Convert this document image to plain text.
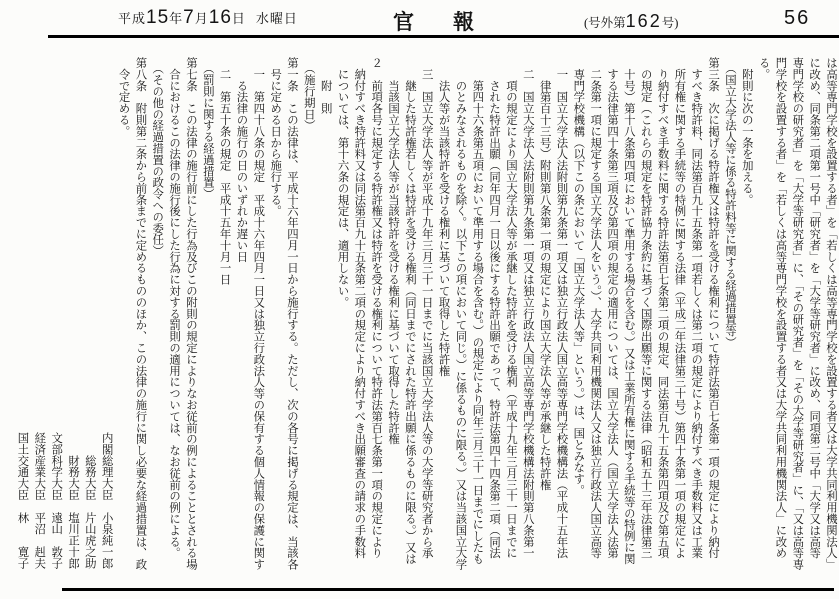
平成15年7月16日 水曜日	官　報	(号外第162号)	56
は高等専門学校を設置する者」を「若しくは高等専門学校を設置する者又は大学共同利用機関法人」
に改め、同条第二項第一号中「研究者」を「大学等研究者」に改め、同項第二号中「大学又は高等
専門学校の研究者」を「大学等研究者」に、「その研究者」を「その大学等研究者」に、「又は高等専
門学校を設置する者」を「若しくは高等専門学校を設置する者又は大学共同利用機関法人」に改め
る。
　附則に次の一条を加える。
　（国立大学法人等に係る特許料等に関する経過措置等）
第三条　次に掲げる特許権又は特許を受ける権利について特許法第百七条第一項の規定により納付
　すべき特許料、同法第百九十五条第一項若しくは第二項の規定により納付すべき手数料又は工業
　所有権に関する手続等の特例に関する法律（平成二年法律第三十号）第四十条第一項の規定によ
　り納付すべき手数料に関する特許法第百七条第二項の規定、同法第百九十五条第四項及び第五項
　の規定（これらの規定を特許協力条約に基づく国際出願等に関する法律（昭和五十三年法律第三
　十号）第十八条第四項において準用する場合を含む。）又は工業所有権に関する手続等の特例に関
　する法律第四十条第三項及び第四項の規定の適用については、国立大学法人（国立大学法人法第
　二条第一項に規定する国立大学法人をいう。）、大学共同利用機関法人又は独立行政法人国立高等
　専門学校機構（以下この条において「国立大学法人等」という。）は、国とみなす。
　一　国立大学法人法附則第九条第一項又は独立行政法人国立高等専門学校機構法（平成十五年法
　　律第百十三号）附則第八条第一項の規定により国立大学法人等が承継した特許権
　二　国立大学法人法附則第九条第一項又は独立行政法人国立高等専門学校機構法附則第八条第一
　　項の規定により国立大学法人等が承継した特許を受ける権利（平成十九年三月三十一日までに
　　された特許出願（同年四月一日以後にする特許出願であって、特許法第四十四条第二項（同法
　　第四十六条第五項において準用する場合を含む。）の規定により同年三月三十一日までにしたも
　　のとみなされるものを除く。以下この項において同じ。）に係るものに限る。）又は当該国立大学
　　法人等が当該特許を受ける権利に基づいて取得した特許権
　三　国立大学法人等が平成十九年三月三十一日までに当該国立大学法人等の大学等研究者から承
　　継した特許権若しくは特許を受ける権利（同日までにされた特許出願に係るものに限る。）又は
　　当該国立大学法人等が当該特許を受ける権利に基づいて取得した特許権
２　前項各号に規定する特許権又は特許を受ける権利について特許法第百七条第一項の規定により
　納付すべき特許料又は同法第百九十五条第二項の規定により納付すべき出願審査の請求の手数料
　については、第十六条の規定は、適用しない。
　　附　則
　（施行期日）
第一条　この法律は、平成十六年四月一日から施行する。ただし、次の各号に掲げる規定は、当該各
　号に定める日から施行する。
　一　第四十八条の規定　平成十六年四月一日又は独立行政法人等の保有する個人情報の保護に関す
　　る法律の施行の日のいずれか遅い日
　二　第五十条の規定　平成十五年十月一日
　（罰則に関する経過措置）
第七条　この法律の施行前にした行為及びこの附則の規定によりなお従前の例によることとされる場
　合におけるこの法律の施行後にした行為に対する罰則の適用については、なお従前の例による。
　（その他の経過措置の政令への委任）
第八条　附則第二条から前条までに定めるもののほか、この法律の施行に関し必要な経過措置は、政
　令で定める。
内閣総理大臣　小泉純一郎
　　総務大臣　片山虎之助
　　財務大臣　塩川正十郎
文部科学大臣　遠山　敦子
経済産業大臣　平沼　赳夫
国土交通大臣　林　　寛子
